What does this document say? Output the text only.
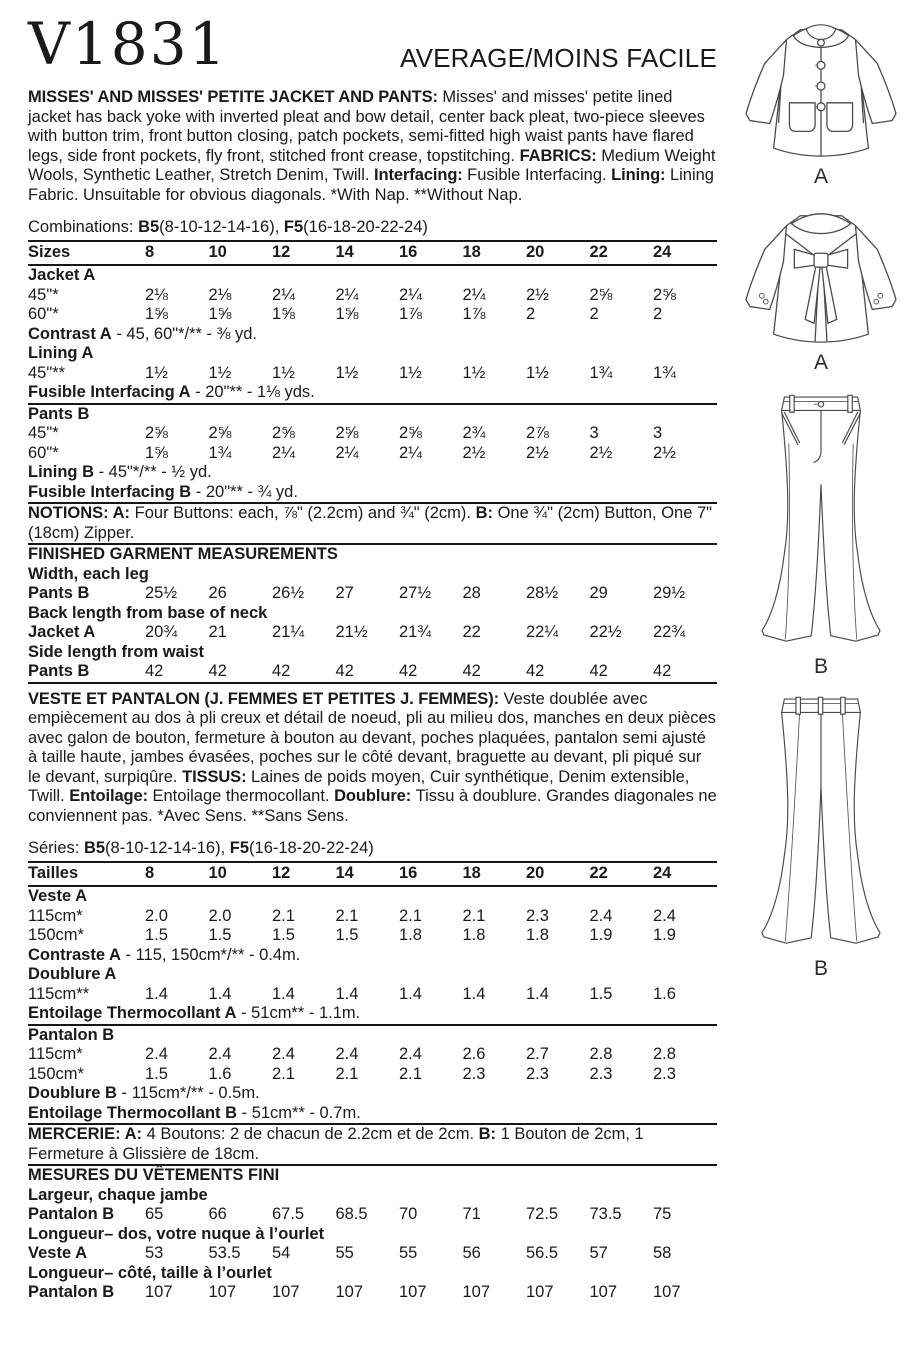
V1831	AVERAGE/MOINS FACILE

MISSES' AND MISSES' PETITE JACKET AND PANTS: Misses' and misses' petite lined jacket has back yoke with inverted pleat and bow detail, center back pleat, two-piece sleeves with button trim, front button closing, patch pockets, semi-fitted high waist pants have flared legs, side front pockets, fly front, stitched front crease, topstitching. FABRICS: Medium Weight Wools, Synthetic Leather, Stretch Denim, Twill. Interfacing: Fusible Interfacing. Lining: Lining Fabric. Unsuitable for obvious diagonals. *With Nap. **Without Nap.

Combinations: B5(8-10-12-14-16), F5(16-18-20-22-24)

Sizes	8	10	12	14	16	18	20	22	24
Jacket A
45"*	2⅛	2⅛	2¼	2¼	2¼	2¼	2½	2⅝	2⅝
60"*	1⅝	1⅝	1⅝	1⅝	1⅞	1⅞	2	2	2
Contrast A - 45, 60"*/** - ⅜ yd.
Lining A
45"**	1½	1½	1½	1½	1½	1½	1½	1¾	1¾
Fusible Interfacing A - 20"** - 1⅛ yds.
Pants B
45"*	2⅝	2⅝	2⅝	2⅝	2⅝	2¾	2⅞	3	3
60"*	1⅝	1¾	2¼	2¼	2¼	2½	2½	2½	2½
Lining B - 45"*/** - ½ yd.
Fusible Interfacing B - 20"** - ¾ yd.
NOTIONS: A: Four Buttons: each, ⅞" (2.2cm) and ¾" (2cm). B: One ¾" (2cm) Button, One 7" (18cm) Zipper.
FINISHED GARMENT MEASUREMENTS
Width, each leg
Pants B	25½	26	26½	27	27½	28	28½	29	29½
Back length from base of neck
Jacket A	20¾	21	21¼	21½	21¾	22	22¼	22½	22¾
Side length from waist
Pants B	42	42	42	42	42	42	42	42	42

VESTE ET PANTALON (J. FEMMES ET PETITES J. FEMMES): Veste doublée avec empiècement au dos à pli creux et détail de noeud, pli au milieu dos, manches en deux pièces avec galon de bouton, fermeture à bouton au devant, poches plaquées, pantalon semi ajusté à taille haute, jambes évasées, poches sur le côté devant, braguette au devant, pli piqué sur le devant, surpiqûre. TISSUS: Laines de poids moyen, Cuir synthétique, Denim extensible, Twill. Entoilage: Entoilage thermocollant. Doublure: Tissu à doublure. Grandes diagonales ne conviennent pas. *Avec Sens. **Sans Sens.

Séries: B5(8-10-12-14-16), F5(16-18-20-22-24)

Tailles	8	10	12	14	16	18	20	22	24
Veste A
115cm*	2.0	2.0	2.1	2.1	2.1	2.1	2.3	2.4	2.4
150cm*	1.5	1.5	1.5	1.5	1.8	1.8	1.8	1.9	1.9
Contraste A - 115, 150cm*/** - 0.4m.
Doublure A
115cm**	1.4	1.4	1.4	1.4	1.4	1.4	1.4	1.5	1.6
Entoilage Thermocollant A - 51cm** - 1.1m.
Pantalon B
115cm*	2.4	2.4	2.4	2.4	2.4	2.6	2.7	2.8	2.8
150cm*	1.5	1.6	2.1	2.1	2.1	2.3	2.3	2.3	2.3
Doublure B - 115cm*/** - 0.5m.
Entoilage Thermocollant B - 51cm** - 0.7m.
MERCERIE: A: 4 Boutons: 2 de chacun de 2.2cm et de 2cm. B: 1 Bouton de 2cm, 1 Fermeture à Glissière de 18cm.
MESURES DU VÊTEMENTS FINI
Largeur, chaque jambe
Pantalon B	65	66	67.5	68.5	70	71	72.5	73.5	75
Longueur– dos, votre nuque à l’ourlet
Veste A	53	53.5	54	55	55	56	56.5	57	58
Longueur– côté, taille à l’ourlet
Pantalon B	107	107	107	107	107	107	107	107	107
A
A
B
B
